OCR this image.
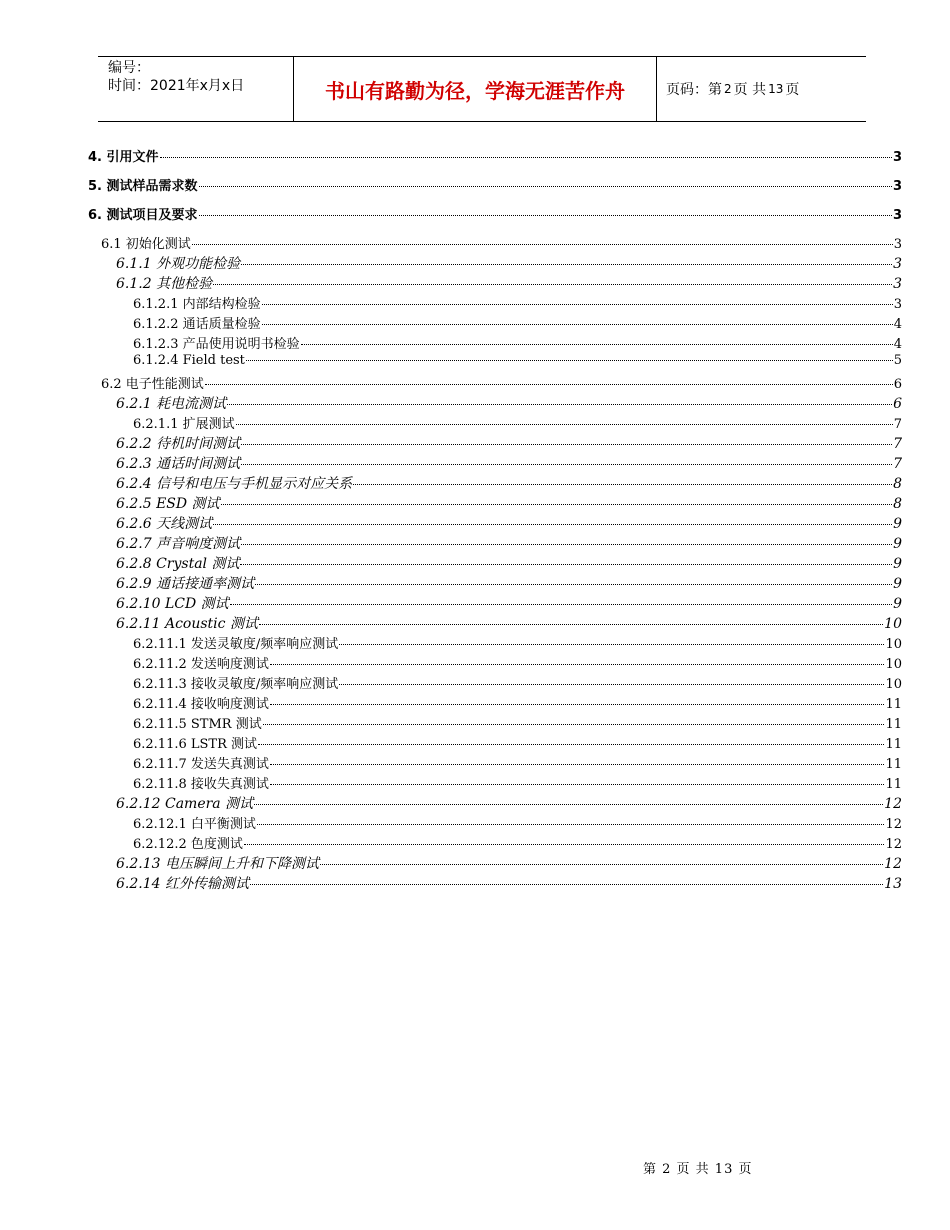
编号：
时间：2021年x月x日	书山有路勤为径，学海无涯苦作舟	页码：第 2 页 共 13 页
4. 引用文件	3
5. 测试样品需求数	3
6. 测试项目及要求	3
6.1 初始化测试	3
6.1.1 外观功能检验	3
6.1.2 其他检验	3
6.1.2.1 内部结构检验	3
6.1.2.2 通话质量检验	4
6.1.2.3 产品使用说明书检验	4
6.1.2.4 Field test	5
6.2 电子性能测试	6
6.2.1 耗电流测试	6
6.2.1.1 扩展测试	7
6.2.2 待机时间测试	7
6.2.3 通话时间测试	7
6.2.4 信号和电压与手机显示对应关系	8
6.2.5 ESD 测试	8
6.2.6 天线测试	9
6.2.7 声音响度测试	9
6.2.8 Crystal 测试	9
6.2.9 通话接通率测试	9
6.2.10 LCD 测试	9
6.2.11 Acoustic 测试	10
6.2.11.1 发送灵敏度/频率响应测试	10
6.2.11.2 发送响度测试	10
6.2.11.3 接收灵敏度/频率响应测试	10
6.2.11.4 接收响度测试	11
6.2.11.5 STMR 测试	11
6.2.11.6 LSTR 测试	11
6.2.11.7 发送失真测试	11
6.2.11.8 接收失真测试	11
6.2.12 Camera 测试	12
6.2.12.1 白平衡测试	12
6.2.12.2 色度测试	12
6.2.13 电压瞬间上升和下降测试	12
6.2.14 红外传输测试	13
第 2 页 共 13 页
